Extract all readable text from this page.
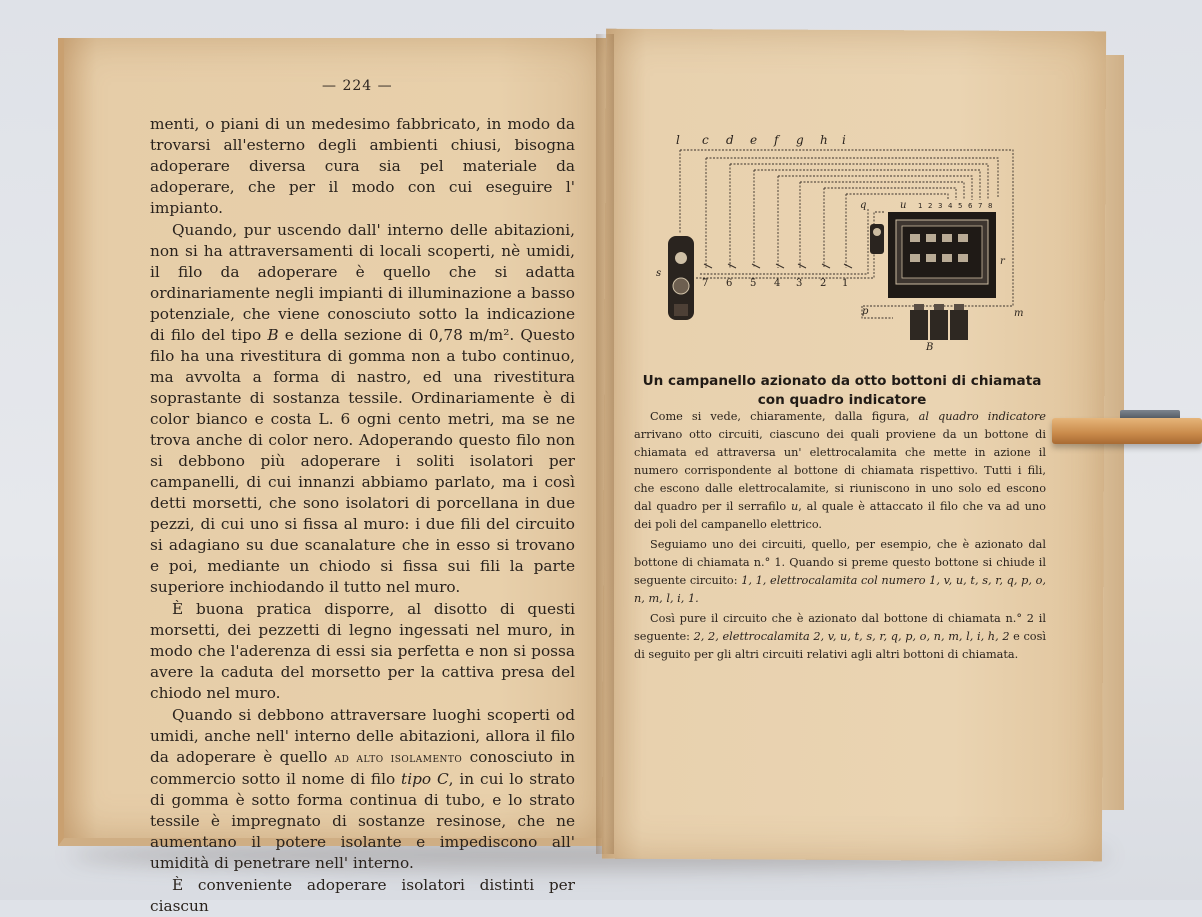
— 224 —

menti, o piani di un medesimo fabbricato, in modo da trovarsi all'esterno degli ambienti chiusi, bisogna adoperare diversa cura sia pel materiale da adoperare, che per il modo con cui eseguire l' impianto.

Quando, pur uscendo dall' interno delle abitazioni, non si ha attraversamenti di locali scoperti, nè umidi, il filo da adoperare è quello che si adatta ordinariamente negli impianti di illuminazione a basso potenziale, che viene conosciuto sotto la indicazione di filo del tipo B e della sezione di 0,78 m/m². Questo filo ha una rivestitura di gomma non a tubo continuo, ma avvolta a forma di nastro, ed una rivestitura soprastante di sostanza tessile. Ordinariamente è di color bianco e costa L. 6 ogni cento metri, ma se ne trova anche di color nero. Adoperando questo filo non si debbono più adoperare i soliti isolatori per campanelli, di cui innanzi abbiamo parlato, ma i così detti morsetti, che sono isolatori di porcellana in due pezzi, di cui uno si fissa al muro: i due fili del circuito si adagiano su due scanalature che in esso si trovano e poi, mediante un chiodo si fissa sui fili la parte superiore inchiodando il tutto nel muro.

È buona pratica disporre, al disotto di questi morsetti, dei pezzetti di legno ingessati nel muro, in modo che l'aderenza di essi sia perfetta e non si possa avere la caduta del morsetto per la cattiva presa del chiodo nel muro.

Quando si debbono attraversare luoghi scoperti od umidi, anche nell' interno delle abitazioni, allora il filo da adoperare è quello ad alto isolamento conosciuto in commercio sotto il nome di filo tipo C, in cui lo strato di gomma è sotto forma continua di tubo, e lo strato tessile è impregnato di sostanze resinose, che ne aumentano il potere isolante e impediscono all' umidità di penetrare nell' interno.

È conveniente adoperare isolatori distinti per ciascun

l c d e f g h i
7 6 5 4 3 2 1
s
p	m
B
u
q
r
1 2 3 4 5 6 7 8
Un campanello azionato da otto bottoni di chiamata
con quadro indicatore

Come si vede, chiaramente, dalla figura, al quadro indicatore arrivano otto circuiti, ciascuno dei quali proviene da un bottone di chiamata ed attraversa un' elettrocalamita che mette in azione il numero corrispondente al bottone di chiamata rispettivo. Tutti i fili, che escono dalle elettrocalamite, si riuniscono in uno solo ed escono dal quadro per il serrafilo u, al quale è attaccato il filo che va ad uno dei poli del campanello elettrico.

Seguiamo uno dei circuiti, quello, per esempio, che è azionato dal bottone di chiamata n.° 1. Quando si preme questo bottone si chiude il seguente circuito: 1, 1, elettrocalamita col numero 1, v, u, t, s, r, q, p, o, n, m, l, i, 1.

Così pure il circuito che è azionato dal bottone di chiamata n.° 2 il seguente: 2, 2, elettrocalamita 2, v, u, t, s, r, q, p, o, n, m, l, i, h, 2 e così di seguito per gli altri circuiti relativi agli altri bottoni di chiamata.
